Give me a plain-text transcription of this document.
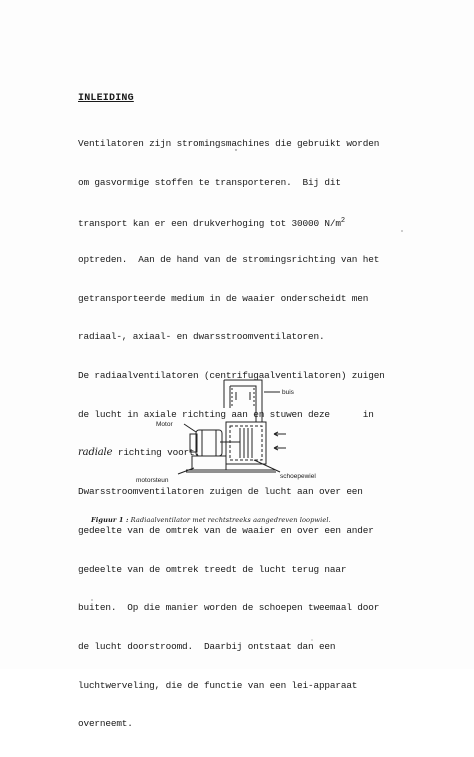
INLEIDING

Ventilatoren zijn stromingsmachines die gebruikt worden

om gasvormige stoffen te transporteren.  Bij dit

transport kan er een drukverhoging tot 30000 $N/m^2$

optreden.  Aan de hand van de stromingsrichting van het

getransporteerde medium in de waaier onderscheidt men

radiaal-, axiaal- en dwarsstroomventilatoren.

De radiaalventilatoren (centrifugaalventilatoren) zuigen

de lucht in axiale richting aan en stuwen deze      in

radiale richting voort.

Dwarsstroomventilatoren zuigen de lucht aan over een

gedeelte van de omtrek van de waaier en over een ander

gedeelte van de omtrek treedt de lucht terug naar

buiten.  Op die manier worden de schoepen tweemaal door

de lucht doorstroomd.  Daarbij ontstaat dan een

luchtwerveling, die de functie van een lei-apparaat

overneemt.

Motor
buis
motorsteun
schoepewiel
Figuur 1 : Radiaalventilator met rechtstreeks aangedreven loopwiel.
